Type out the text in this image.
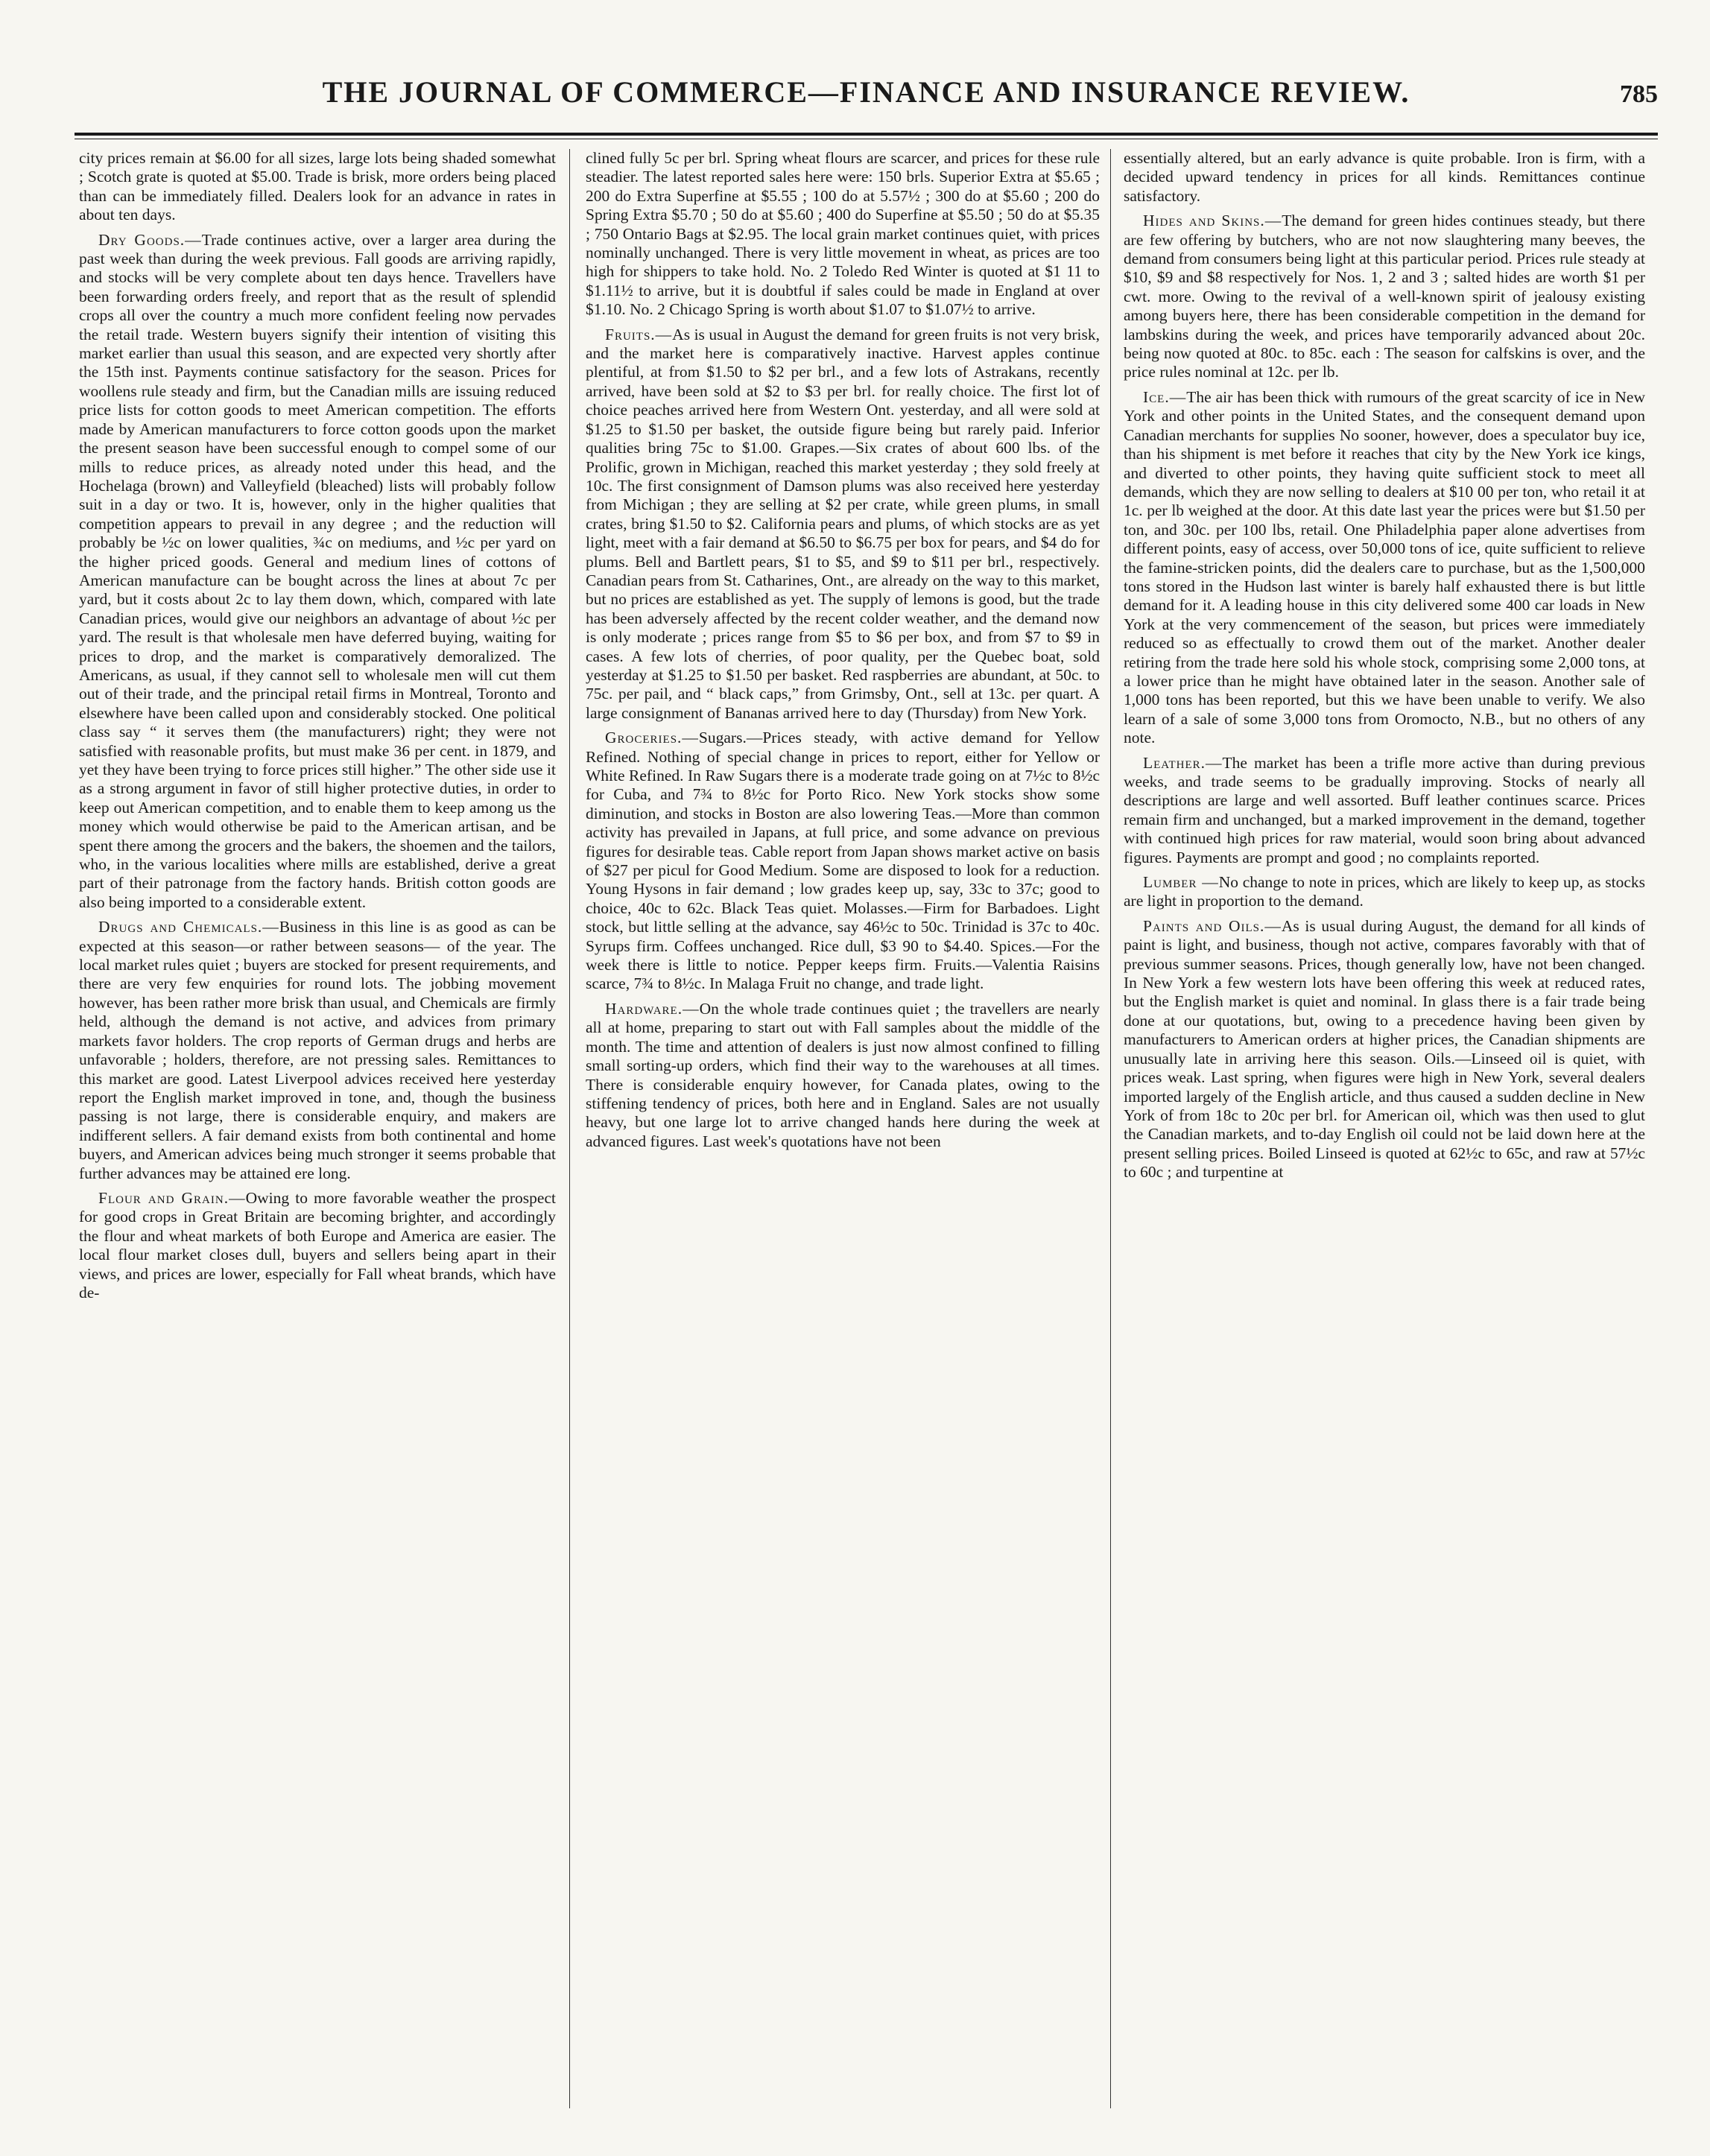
THE JOURNAL OF COMMERCE—FINANCE AND INSURANCE REVIEW.	785

city prices remain at $6.00 for all sizes, large lots being shaded somewhat ; Scotch grate is quoted at $5.00. Trade is brisk, more orders being placed than can be immediately filled. Dealers look for an advance in rates in about ten days.

Dry Goods.—Trade continues active, over a larger area during the past week than during the week previous. Fall goods are arriving rapidly, and stocks will be very complete about ten days hence. Travellers have been forwarding orders freely, and report that as the result of splendid crops all over the country a much more confident feeling now pervades the retail trade. Western buyers signify their intention of visiting this market earlier than usual this season, and are expected very shortly after the 15th inst. Payments continue satisfactory for the season. Prices for woollens rule steady and firm, but the Canadian mills are issuing reduced price lists for cotton goods to meet American competition. The efforts made by American manufacturers to force cotton goods upon the market the present season have been successful enough to compel some of our mills to reduce prices, as already noted under this head, and the Hochelaga (brown) and Valleyfield (bleached) lists will probably follow suit in a day or two. It is, however, only in the higher qualities that competition appears to prevail in any degree ; and the reduction will probably be ½c on lower qualities, ¾c on mediums, and ½c per yard on the higher priced goods. General and medium lines of cottons of American manufacture can be bought across the lines at about 7c per yard, but it costs about 2c to lay them down, which, compared with late Canadian prices, would give our neighbors an advantage of about ½c per yard. The result is that wholesale men have deferred buying, waiting for prices to drop, and the market is comparatively demoralized. The Americans, as usual, if they cannot sell to wholesale men will cut them out of their trade, and the principal retail firms in Montreal, Toronto and elsewhere have been called upon and considerably stocked. One political class say “ it serves them (the manufacturers) right; they were not satisfied with reasonable profits, but must make 36 per cent. in 1879, and yet they have been trying to force prices still higher.” The other side use it as a strong argument in favor of still higher protective duties, in order to keep out American competition, and to enable them to keep among us the money which would otherwise be paid to the American artisan, and be spent there among the grocers and the bakers, the shoemen and the tailors, who, in the various localities where mills are established, derive a great part of their patronage from the factory hands. British cotton goods are also being imported to a considerable extent.

Drugs and Chemicals.—Business in this line is as good as can be expected at this season—or rather between seasons— of the year. The local market rules quiet ; buyers are stocked for present requirements, and there are very few enquiries for round lots. The jobbing movement however, has been rather more brisk than usual, and Chemicals are firmly held, although the demand is not active, and advices from primary markets favor holders. The crop reports of German drugs and herbs are unfavorable ; holders, therefore, are not pressing sales. Remittances to this market are good. Latest Liverpool advices received here yesterday report the English market improved in tone, and, though the business passing is not large, there is considerable enquiry, and makers are indifferent sellers. A fair demand exists from both continental and home buyers, and American advices being much stronger it seems probable that further advances may be attained ere long.

Flour and Grain.—Owing to more favorable weather the prospect for good crops in Great Britain are becoming brighter, and accordingly the flour and wheat markets of both Europe and America are easier. The local flour market closes dull, buyers and sellers being apart in their views, and prices are lower, especially for Fall wheat brands, which have de-

clined fully 5c per brl. Spring wheat flours are scarcer, and prices for these rule steadier. The latest reported sales here were: 150 brls. Superior Extra at $5.65 ; 200 do Extra Superfine at $5.55 ; 100 do at 5.57½ ; 300 do at $5.60 ; 200 do Spring Extra $5.70 ; 50 do at $5.60 ; 400 do Superfine at $5.50 ; 50 do at $5.35 ; 750 Ontario Bags at $2.95. The local grain market continues quiet, with prices nominally unchanged. There is very little movement in wheat, as prices are too high for shippers to take hold. No. 2 Toledo Red Winter is quoted at $1 11 to $1.11½ to arrive, but it is doubtful if sales could be made in England at over $1.10. No. 2 Chicago Spring is worth about $1.07 to $1.07½ to arrive.

Fruits.—As is usual in August the demand for green fruits is not very brisk, and the market here is comparatively inactive. Harvest apples continue plentiful, at from $1.50 to $2 per brl., and a few lots of Astrakans, recently arrived, have been sold at $2 to $3 per brl. for really choice. The first lot of choice peaches arrived here from Western Ont. yesterday, and all were sold at $1.25 to $1.50 per basket, the outside figure being but rarely paid. Inferior qualities bring 75c to $1.00. Grapes.—Six crates of about 600 lbs. of the Prolific, grown in Michigan, reached this market yesterday ; they sold freely at 10c. The first consignment of Damson plums was also received here yesterday from Michigan ; they are selling at $2 per crate, while green plums, in small crates, bring $1.50 to $2. California pears and plums, of which stocks are as yet light, meet with a fair demand at $6.50 to $6.75 per box for pears, and $4 do for plums. Bell and Bartlett pears, $1 to $5, and $9 to $11 per brl., respectively. Canadian pears from St. Catharines, Ont., are already on the way to this market, but no prices are established as yet. The supply of lemons is good, but the trade has been adversely affected by the recent colder weather, and the demand now is only moderate ; prices range from $5 to $6 per box, and from $7 to $9 in cases. A few lots of cherries, of poor quality, per the Quebec boat, sold yesterday at $1.25 to $1.50 per basket. Red raspberries are abundant, at 50c. to 75c. per pail, and “ black caps,” from Grimsby, Ont., sell at 13c. per quart. A large consignment of Bananas arrived here to day (Thursday) from New York.

Groceries.—Sugars.—Prices steady, with active demand for Yellow Refined. Nothing of special change in prices to report, either for Yellow or White Refined. In Raw Sugars there is a moderate trade going on at 7½c to 8½c for Cuba, and 7¾ to 8½c for Porto Rico. New York stocks show some diminution, and stocks in Boston are also lowering Teas.—More than common activity has prevailed in Japans, at full price, and some advance on previous figures for desirable teas. Cable report from Japan shows market active on basis of $27 per picul for Good Medium. Some are disposed to look for a reduction. Young Hysons in fair demand ; low grades keep up, say, 33c to 37c; good to choice, 40c to 62c. Black Teas quiet. Molasses.—Firm for Barbadoes. Light stock, but little selling at the advance, say 46½c to 50c. Trinidad is 37c to 40c. Syrups firm. Coffees unchanged. Rice dull, $3 90 to $4.40. Spices.—For the week there is little to notice. Pepper keeps firm. Fruits.—Valentia Raisins scarce, 7¾ to 8½c. In Malaga Fruit no change, and trade light.

Hardware.—On the whole trade continues quiet ; the travellers are nearly all at home, preparing to start out with Fall samples about the middle of the month. The time and attention of dealers is just now almost confined to filling small sorting-up orders, which find their way to the warehouses at all times. There is considerable enquiry however, for Canada plates, owing to the stiffening tendency of prices, both here and in England. Sales are not usually heavy, but one large lot to arrive changed hands here during the week at advanced figures. Last week's quotations have not been

essentially altered, but an early advance is quite probable. Iron is firm, with a decided upward tendency in prices for all kinds. Remittances continue satisfactory.

Hides and Skins.—The demand for green hides continues steady, but there are few offering by butchers, who are not now slaughtering many beeves, the demand from consumers being light at this particular period. Prices rule steady at $10, $9 and $8 respectively for Nos. 1, 2 and 3 ; salted hides are worth $1 per cwt. more. Owing to the revival of a well-known spirit of jealousy existing among buyers here, there has been considerable competition in the demand for lambskins during the week, and prices have temporarily advanced about 20c. being now quoted at 80c. to 85c. each : The season for calfskins is over, and the price rules nominal at 12c. per lb.

Ice.—The air has been thick with rumours of the great scarcity of ice in New York and other points in the United States, and the consequent demand upon Canadian merchants for supplies No sooner, however, does a speculator buy ice, than his shipment is met before it reaches that city by the New York ice kings, and diverted to other points, they having quite sufficient stock to meet all demands, which they are now selling to dealers at $10 00 per ton, who retail it at 1c. per lb weighed at the door. At this date last year the prices were but $1.50 per ton, and 30c. per 100 lbs, retail. One Philadelphia paper alone advertises from different points, easy of access, over 50,000 tons of ice, quite sufficient to relieve the famine-stricken points, did the dealers care to purchase, but as the 1,500,000 tons stored in the Hudson last winter is barely half exhausted there is but little demand for it. A leading house in this city delivered some 400 car loads in New York at the very commencement of the season, but prices were immediately reduced so as effectually to crowd them out of the market. Another dealer retiring from the trade here sold his whole stock, comprising some 2,000 tons, at a lower price than he might have obtained later in the season. Another sale of 1,000 tons has been reported, but this we have been unable to verify. We also learn of a sale of some 3,000 tons from Oromocto, N.B., but no others of any note.

Leather.—The market has been a trifle more active than during previous weeks, and trade seems to be gradually improving. Stocks of nearly all descriptions are large and well assorted. Buff leather continues scarce. Prices remain firm and unchanged, but a marked improvement in the demand, together with continued high prices for raw material, would soon bring about advanced figures. Payments are prompt and good ; no complaints reported.

Lumber —No change to note in prices, which are likely to keep up, as stocks are light in proportion to the demand.

Paints and Oils.—As is usual during August, the demand for all kinds of paint is light, and business, though not active, compares favorably with that of previous summer seasons. Prices, though generally low, have not been changed. In New York a few western lots have been offering this week at reduced rates, but the English market is quiet and nominal. In glass there is a fair trade being done at our quotations, but, owing to a precedence having been given by manufacturers to American orders at higher prices, the Canadian shipments are unusually late in arriving here this season. Oils.—Linseed oil is quiet, with prices weak. Last spring, when figures were high in New York, several dealers imported largely of the English article, and thus caused a sudden decline in New York of from 18c to 20c per brl. for American oil, which was then used to glut the Canadian markets, and to-day English oil could not be laid down here at the present selling prices. Boiled Linseed is quoted at 62½c to 65c, and raw at 57½c to 60c ; and turpentine at
